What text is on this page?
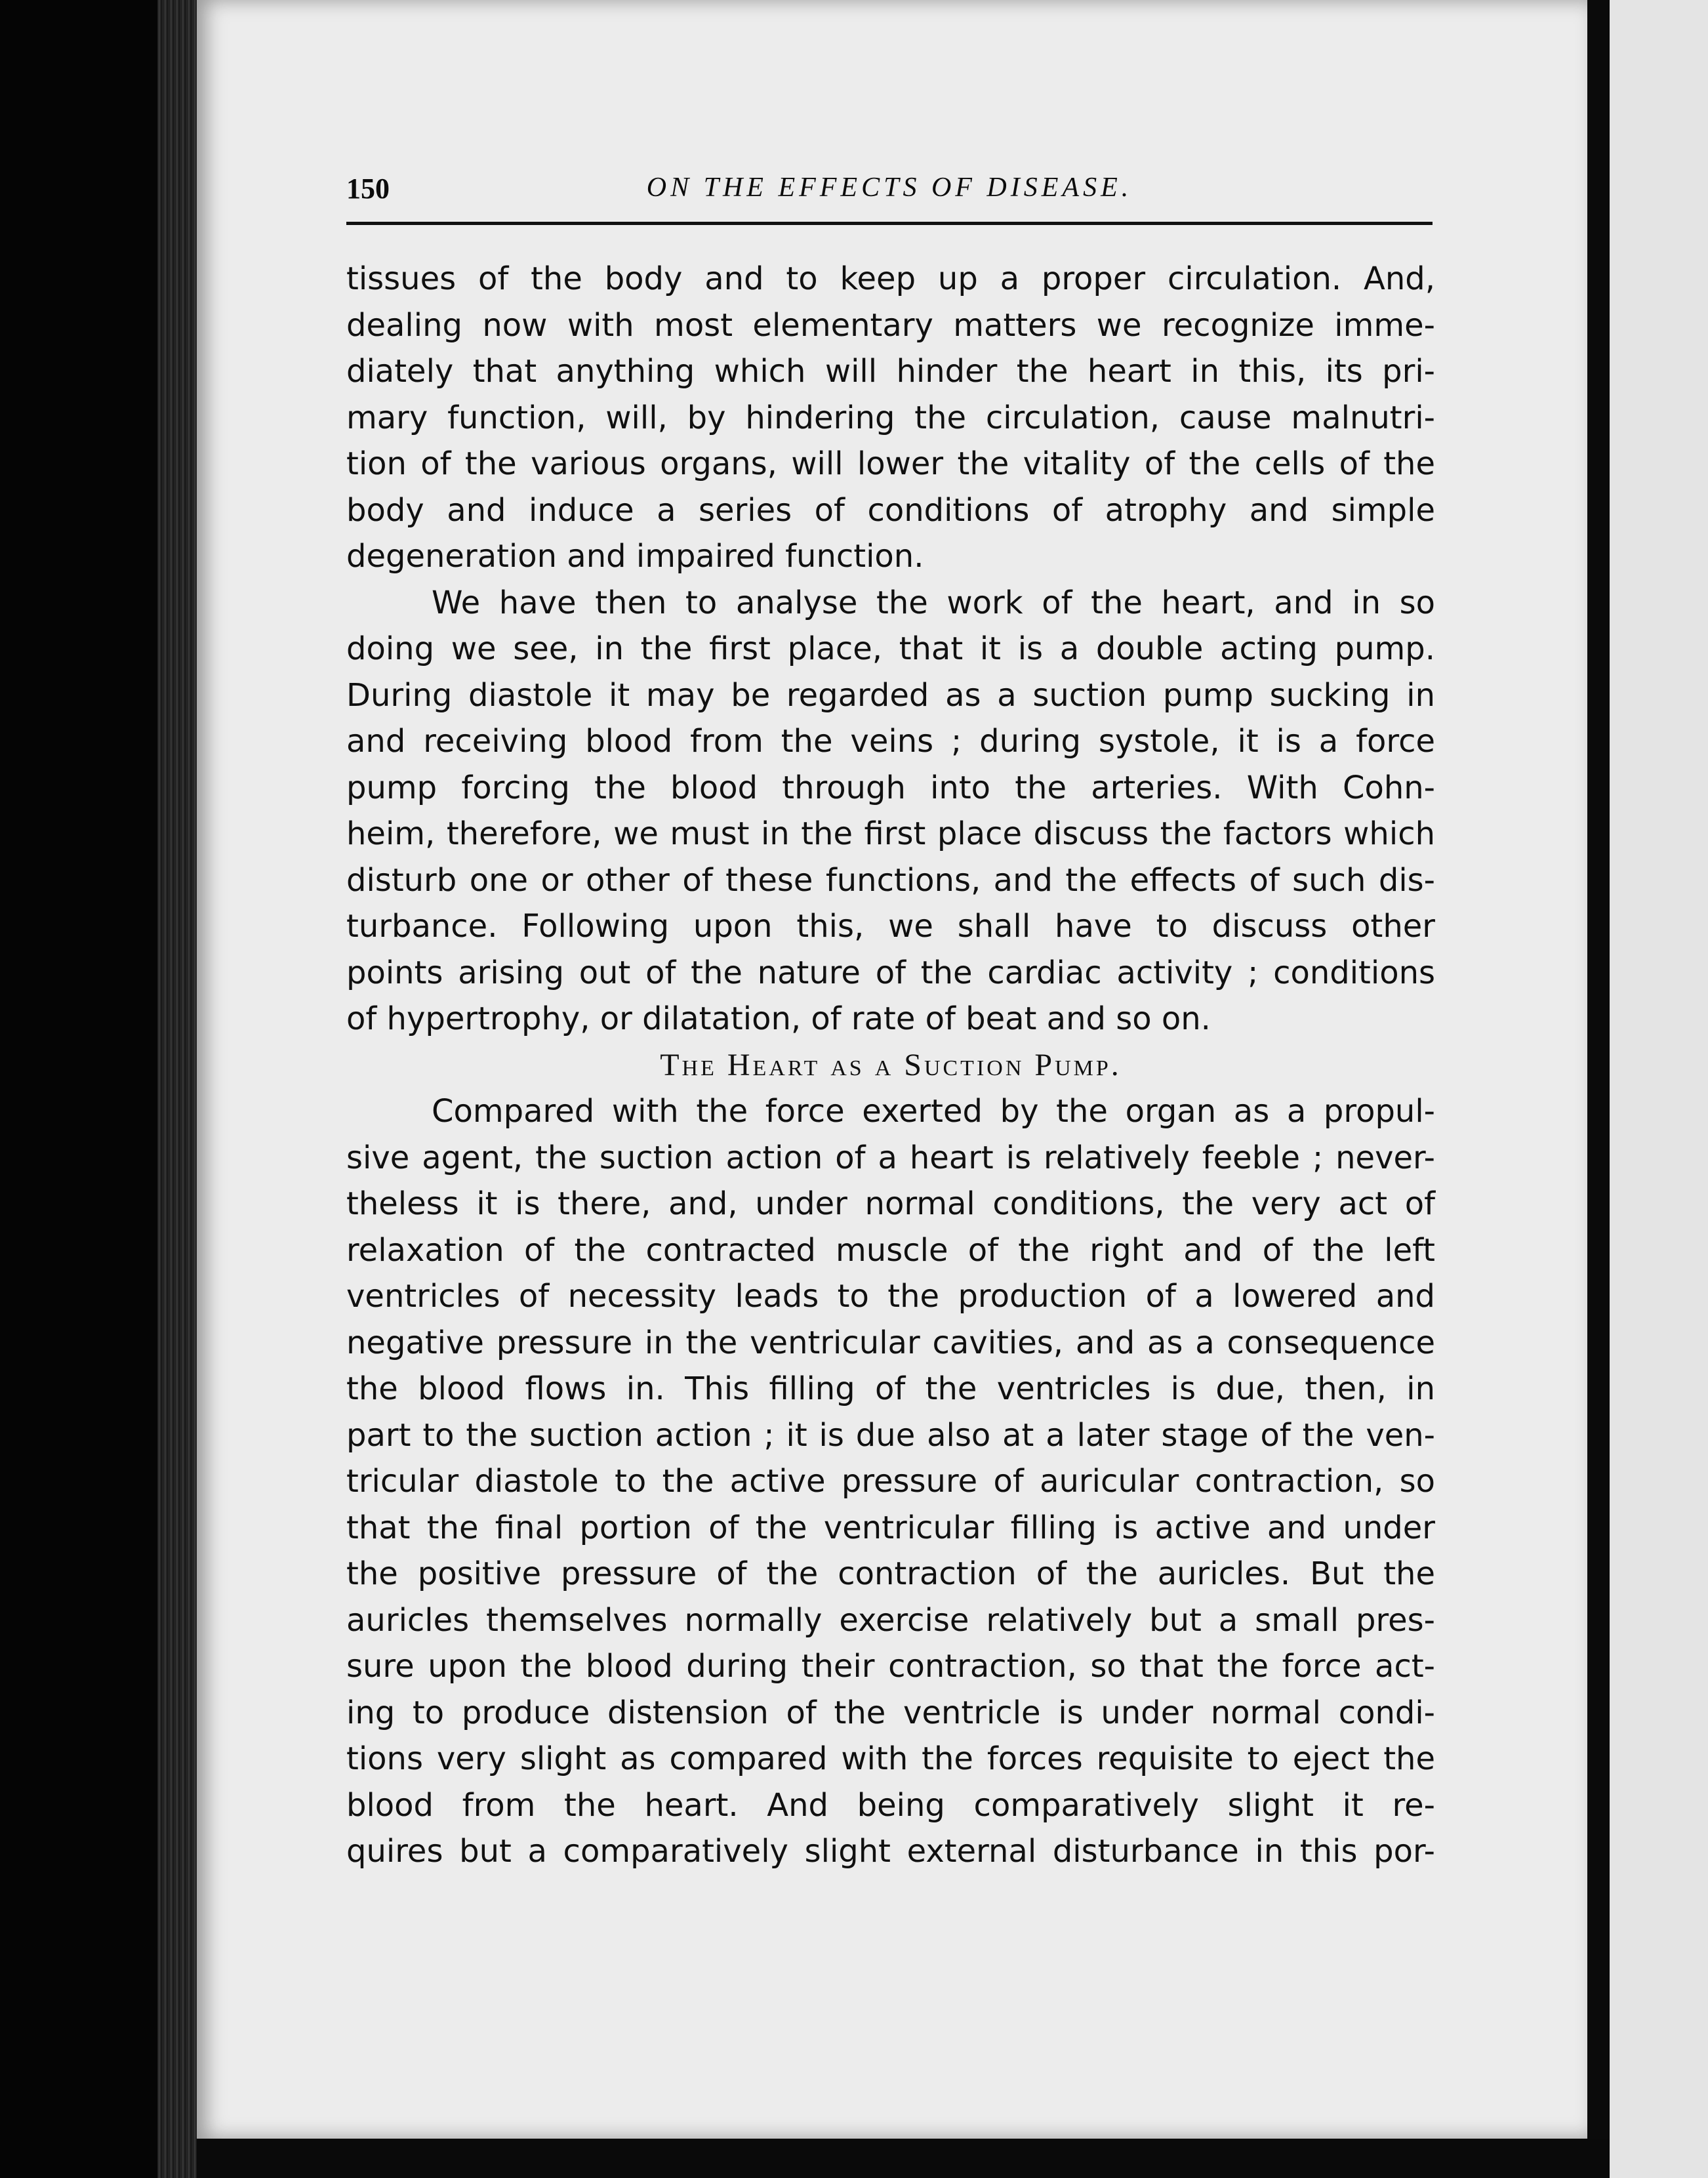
150	ON THE EFFECTS OF DISEASE.
tissues of the body and to keep up a proper circulation. And,
dealing now with most elementary matters we recognize imme-
diately that anything which will hinder the heart in this, its pri-
mary function, will, by hindering the circulation, cause malnutri-
tion of the various organs, will lower the vitality of the cells of the
body and induce a series of conditions of atrophy and simple
degeneration and impaired function.
We have then to analyse the work of the heart, and in so
doing we see, in the first place, that it is a double acting pump.
During diastole it may be regarded as a suction pump sucking in
and receiving blood from the veins ; during systole, it is a force
pump forcing the blood through into the arteries. With Cohn-
heim, therefore, we must in the first place discuss the factors which
disturb one or other of these functions, and the effects of such dis-
turbance. Following upon this, we shall have to discuss other
points arising out of the nature of the cardiac activity ; conditions
of hypertrophy, or dilatation, of rate of beat and so on.
The Heart as a Suction Pump.
Compared with the force exerted by the organ as a propul-
sive agent, the suction action of a heart is relatively feeble ; never-
theless it is there, and, under normal conditions, the very act of
relaxation of the contracted muscle of the right and of the left
ventricles of necessity leads to the production of a lowered and
negative pressure in the ventricular cavities, and as a consequence
the blood flows in. This filling of the ventricles is due, then, in
part to the suction action ; it is due also at a later stage of the ven-
tricular diastole to the active pressure of auricular contraction, so
that the final portion of the ventricular filling is active and under
the positive pressure of the contraction of the auricles. But the
auricles themselves normally exercise relatively but a small pres-
sure upon the blood during their contraction, so that the force act-
ing to produce distension of the ventricle is under normal condi-
tions very slight as compared with the forces requisite to eject the
blood from the heart. And being comparatively slight it re-
quires but a comparatively slight external disturbance in this por-
